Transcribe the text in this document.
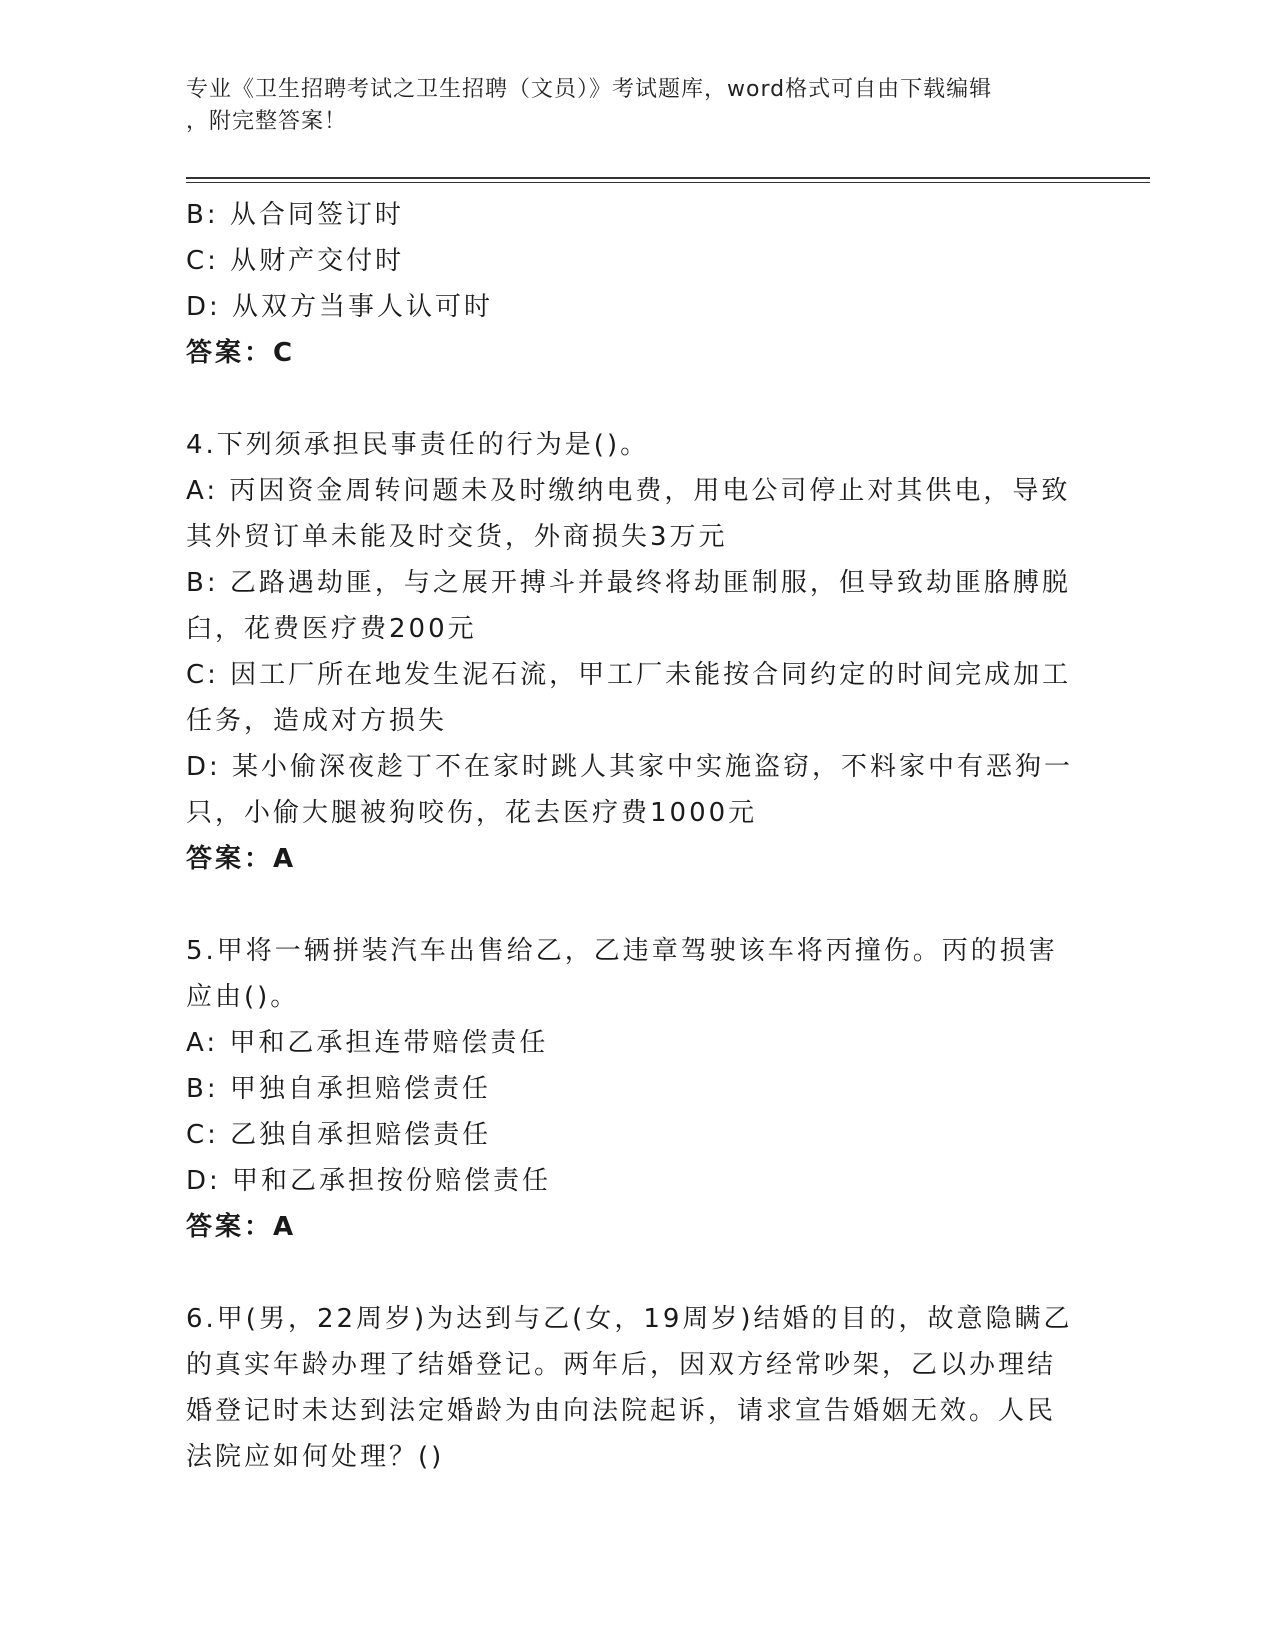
专业《卫生招聘考试之卫生招聘（文员）》考试题库，word格式可自由下载编辑
，附完整答案！
B: 从合同签订时
C: 从财产交付时
D: 从双方当事人认可时
答案：C
4.下列须承担民事责任的行为是()。
A: 丙因资金周转问题未及时缴纳电费，用电公司停止对其供电，导致
其外贸订单未能及时交货，外商损失3万元
B: 乙路遇劫匪，与之展开搏斗并最终将劫匪制服，但导致劫匪胳膊脱
臼，花费医疗费200元
C: 因工厂所在地发生泥石流，甲工厂未能按合同约定的时间完成加工
任务，造成对方损失
D: 某小偷深夜趁丁不在家时跳人其家中实施盗窃，不料家中有恶狗一
只，小偷大腿被狗咬伤，花去医疗费1000元
答案：A
5.甲将一辆拼装汽车出售给乙，乙违章驾驶该车将丙撞伤。丙的损害
应由()。
A: 甲和乙承担连带赔偿责任
B: 甲独自承担赔偿责任
C: 乙独自承担赔偿责任
D: 甲和乙承担按份赔偿责任
答案：A
6.甲(男，22周岁)为达到与乙(女，19周岁)结婚的目的，故意隐瞒乙
的真实年龄办理了结婚登记。两年后，因双方经常吵架，乙以办理结
婚登记时未达到法定婚龄为由向法院起诉，请求宣告婚姻无效。人民
法院应如何处理？()
